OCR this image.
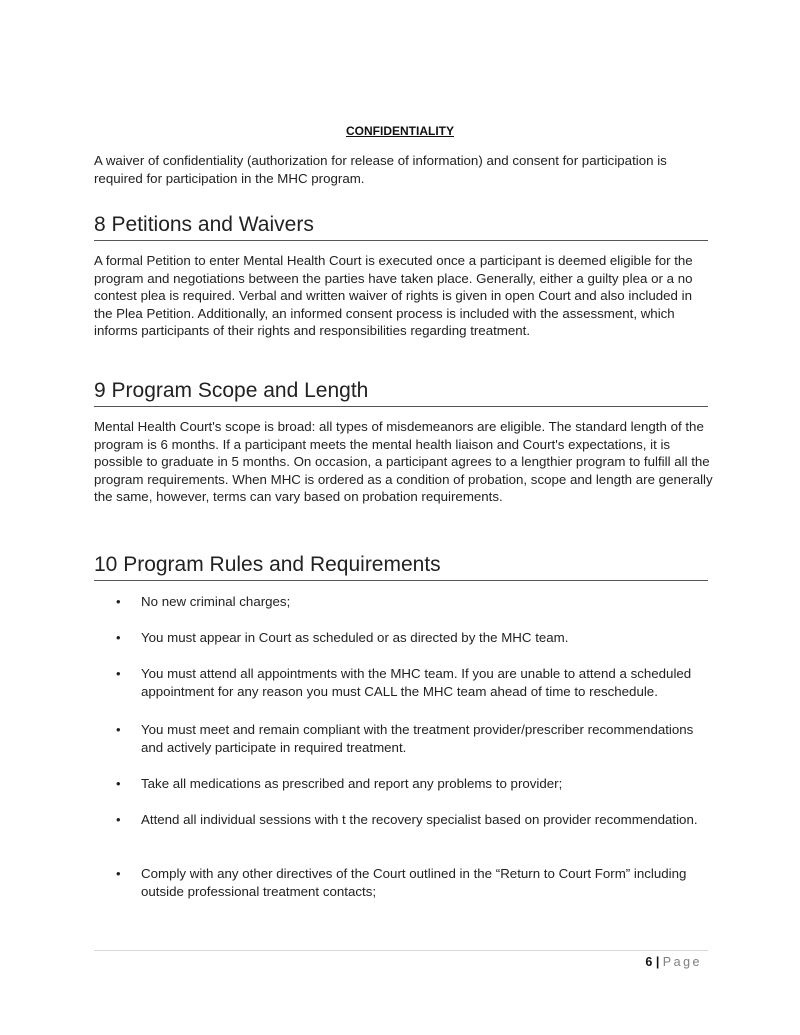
CONFIDENTIALITY

A waiver of confidentiality (authorization for release of information) and consent for participation is required for participation in the MHC program.

8 Petitions and Waivers

A formal Petition to enter Mental Health Court is executed once a participant is deemed eligible for the program and negotiations between the parties have taken place. Generally, either a guilty plea or a no contest plea is required. Verbal and written waiver of rights is given in open Court and also included in the Plea Petition. Additionally, an informed consent process is included with the assessment, which informs participants of their rights and responsibilities regarding treatment.

9 Program Scope and Length

Mental Health Court's scope is broad: all types of misdemeanors are eligible. The standard length of the program is 6 months. If a participant meets the mental health liaison and Court's expectations, it is possible to graduate in 5 months. On occasion, a participant agrees to a lengthier program to fulfill all the program requirements. When MHC is ordered as a condition of probation, scope and length are generally the same, however, terms can vary based on probation requirements.

10 Program Rules and Requirements
• No new criminal charges;
• You must appear in Court as scheduled or as directed by the MHC team.
• You must attend all appointments with the MHC team. If you are unable to attend a scheduled appointment for any reason you must CALL the MHC team ahead of time to reschedule.
• You must meet and remain compliant with the treatment provider/prescriber recommendations and actively participate in required treatment.
• Take all medications as prescribed and report any problems to provider;
• Attend all individual sessions with t the recovery specialist based on provider recommendation.
• Comply with any other directives of the Court outlined in the “Return to Court Form” including outside professional treatment contacts;
6 | Page
